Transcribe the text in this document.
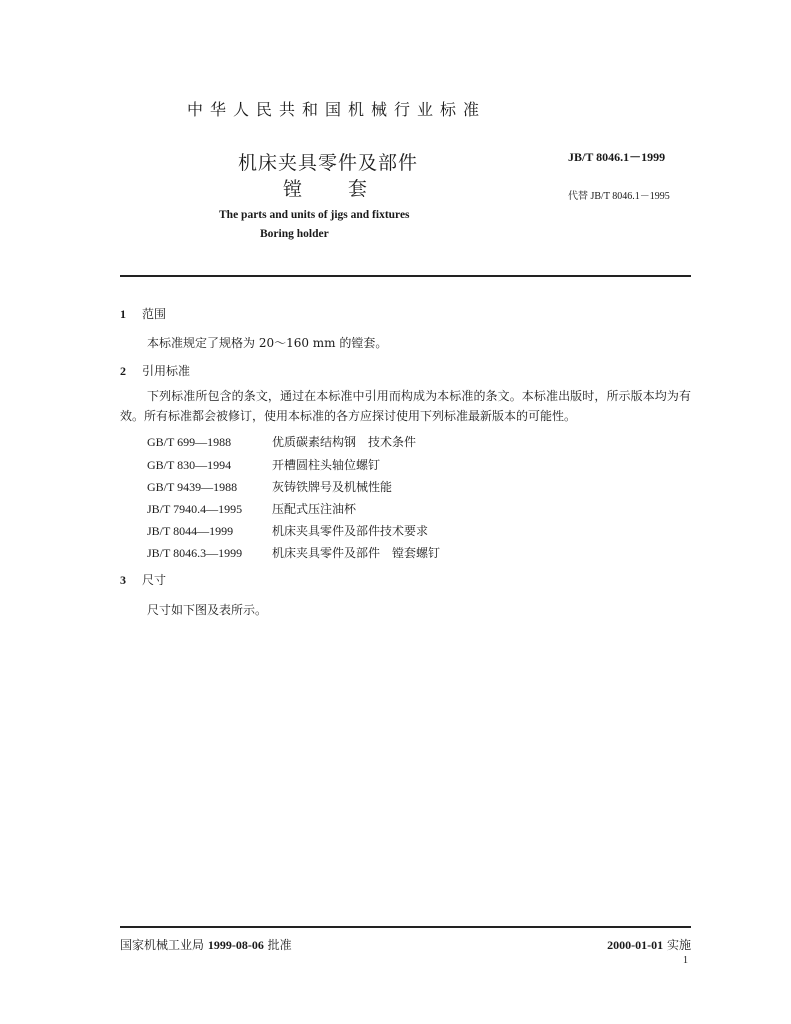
中华人民共和国机械行业标准
机床夹具零件及部件
镗 套
The parts and units of jigs and fixtures
Boring holder
JB/T 8046.1－1999
代替 JB/T 8046.1－1995
1 范围
本标准规定了规格为 20～160 mm 的镗套。
2 引用标准
下列标准所包含的条文，通过在本标准中引用而构成为本标准的条文。本标准出版时，所示版本均为有效。所有标准都会被修订，使用本标准的各方应探讨使用下列标准最新版本的可能性。
GB/T 699—1988	优质碳素结构钢　技术条件
GB/T 830—1994	开槽圆柱头轴位螺钉
GB/T 9439—1988	灰铸铁牌号及机械性能
JB/T 7940.4—1995 压配式压注油杯
JB/T 8044—1999	机床夹具零件及部件技术要求
JB/T 8046.3—1999 机床夹具零件及部件　镗套螺钉
3 尺寸
尺寸如下图及表所示。
国家机械工业局 1999-08-06 批准	2000-01-01 实施
1
